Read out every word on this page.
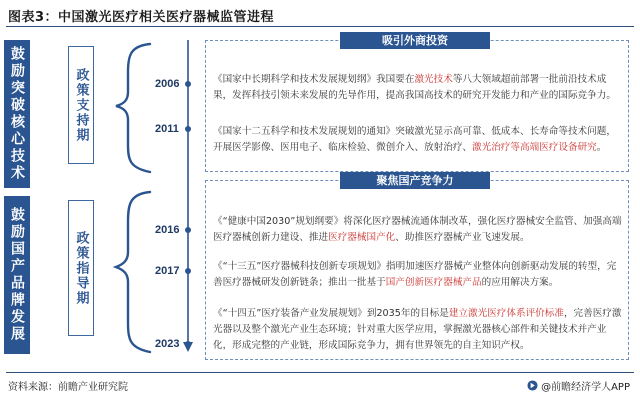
图表3：中国激光医疗相关医疗器械监管进程
鼓励突破核心技术
鼓励国产品牌发展
政策支持期
政策指导期
2006
2011
2016
2017
2023
吸引外商投资
聚焦国产竞争力
《国家中长期科学和技术发展规划纲》我国要在激光技术等八大领域超前部署一批前沿技术成果，发挥科技引领未来发展的先导作用，提高我国高技术的研究开发能力和产业的国际竞争力。
《国家十二五科学和技术发展规划的通知》突破激光显示高可靠、低成本、长寿命等技术问题，开展医学影像、医用电子、临床检验、微创介入、放射治疗、激光治疗等高端医疗设备研究。
《“健康中国2030”规划纲要》将深化医疗器械流通体制改革，强化医疗器械安全监管、加强高端医疗器械创新力建设、推进医疗器械国产化、助推医疗器械产业飞速发展。
《“十三五”医疗器械科技创新专项规划》指明加速医疗器械产业整体向创新驱动发展的转型，完善医疗器械研发创新链条；推出一批基于国产创新医疗器械产品的应用解决方案。
《“十四五”医疗装备产业发展规划》到2035年的目标是建立激光医疗体系评价标准，完善医疗激光器以及整个激光产业生态环境；针对重大医学应用，掌握激光器核心部件和关键技术并产业化，形成完整的产业链，形成国际竞争力，拥有世界领先的自主知识产权。
资料来源：前瞻产业研究院	@前瞻经济学人APP
